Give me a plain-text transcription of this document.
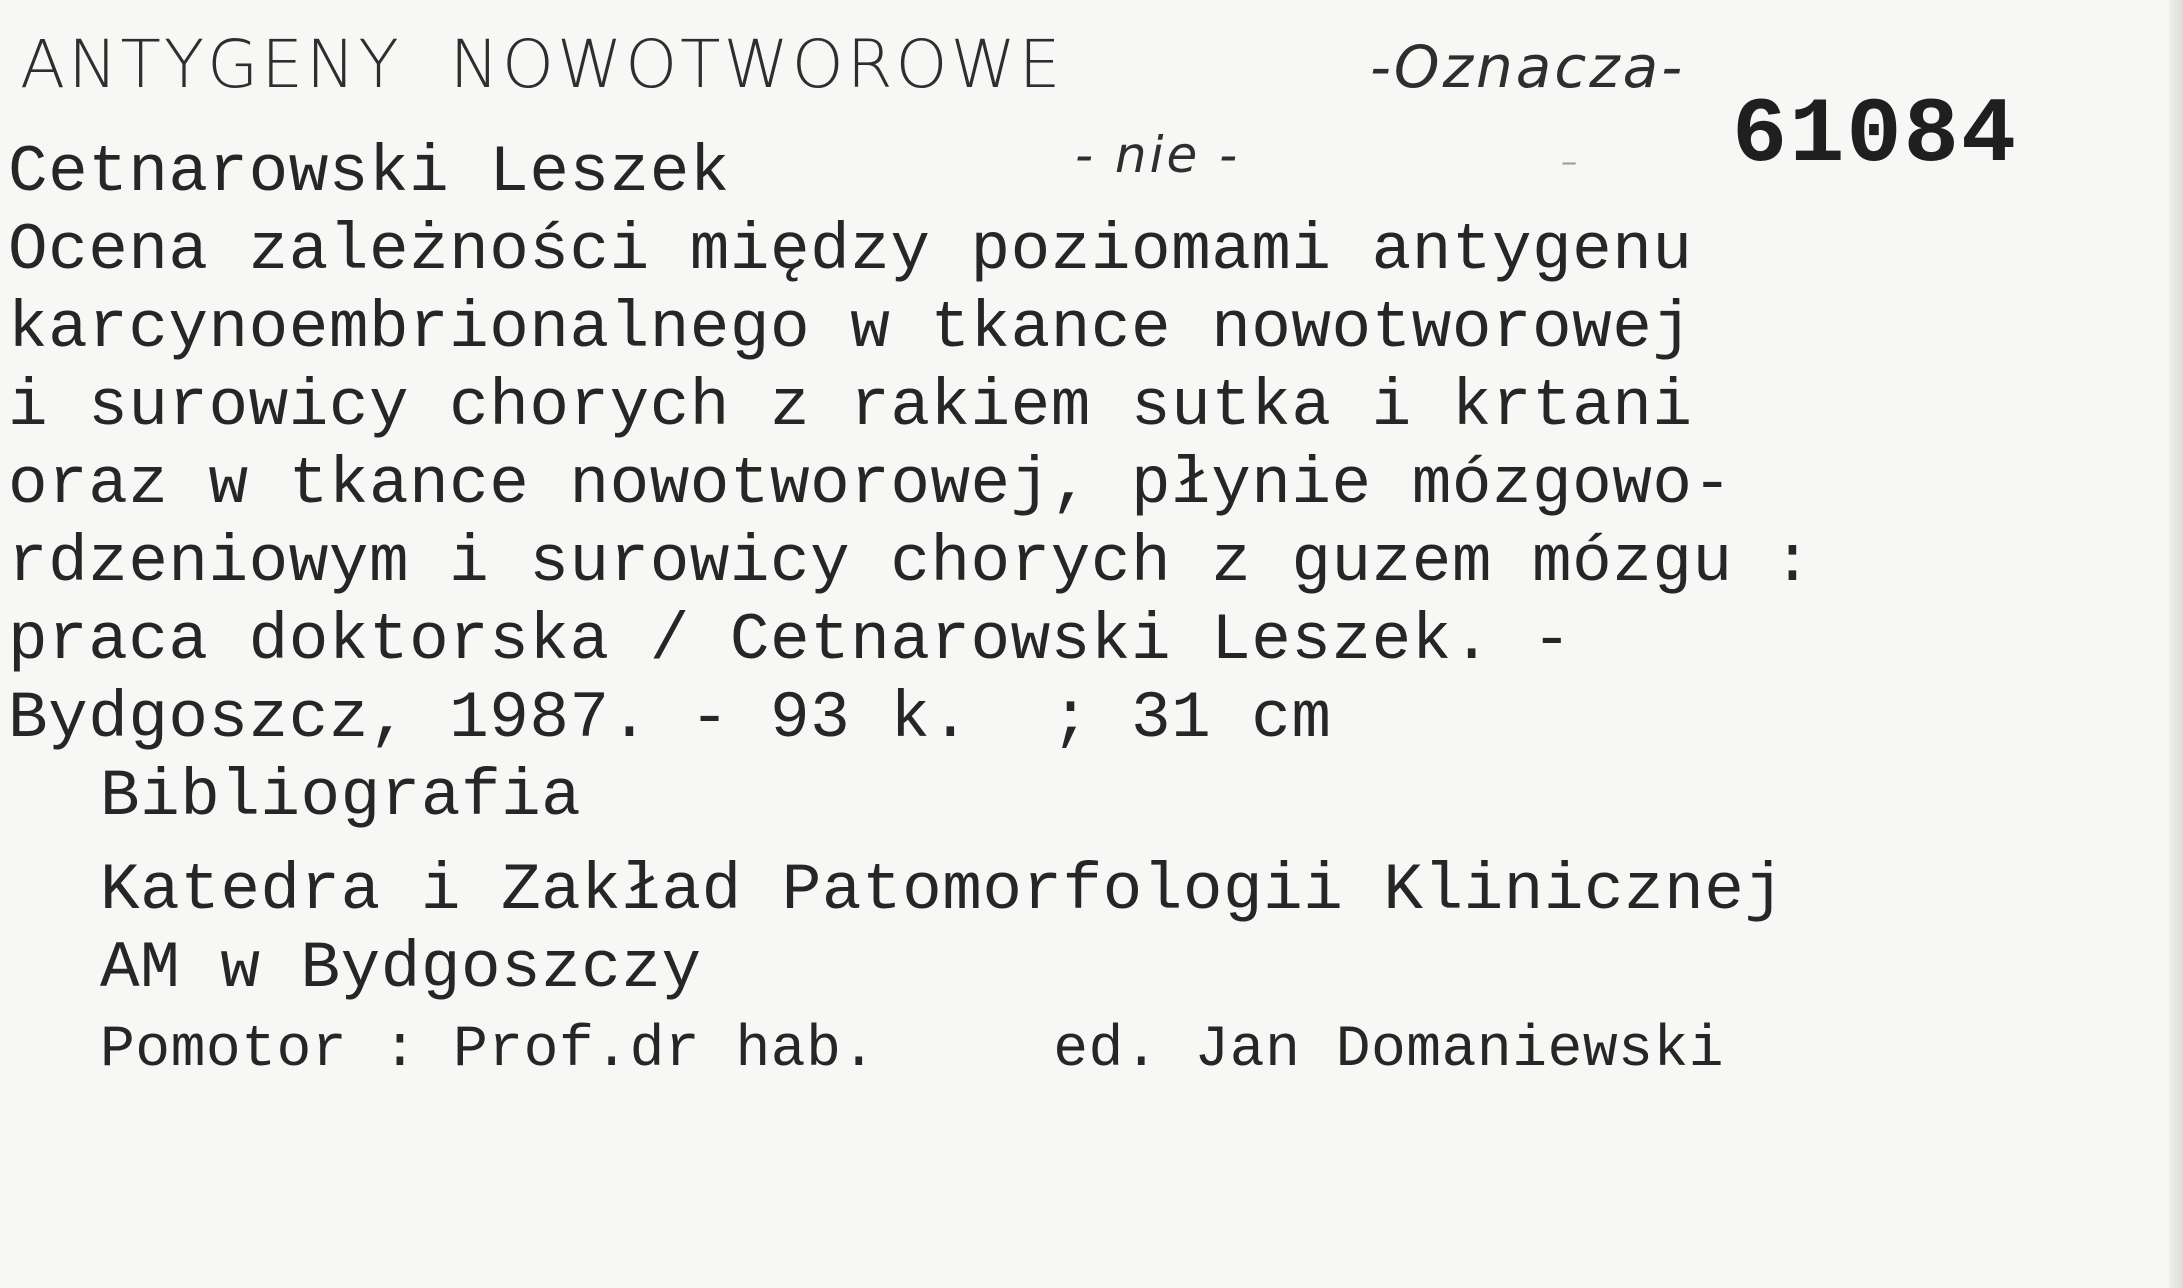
ANTYGENY  NOWOTWOROWE	-Oznacza-
- nie -	- 61084
Cetnarowski Leszek
Ocena zależności między poziomami antygenu
karcynoembrionalnego w tkance nowotworowej
i surowicy chorych z rakiem sutka i krtani
oraz w tkance nowotworowej, płynie mózgowo-
rdzeniowym i surowicy chorych z guzem mózgu :
praca doktorska / Cetnarowski Leszek. -
Bydgoszcz, 1987. - 93 k.  ; 31 cm
Bibliografia
Katedra i Zakład Patomorfologii Klinicznej
AM w Bydgoszczy
Pomotor : Prof.dr hab.     ed. Jan Domaniewski
